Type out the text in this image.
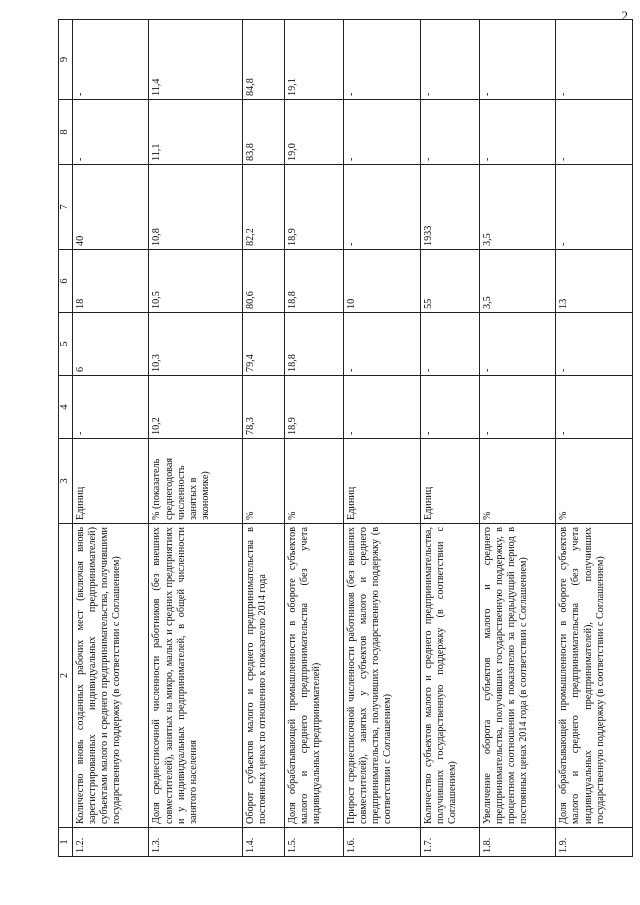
2
1	2	3	4	5	6	7	8	9
1.2.	Количество вновь созданных рабочих мест (включая вновь зарегистрированных индивидуальных предпринимателей) субъектами малого и среднего предпринимательства, получившими государственную поддержку (в соответствии с Соглашением)	Единиц	-	6	18	40	-	-
1.3.	Доля среднесписочной численности работников (без внешних совместителей), занятых на микро, малых и средних предприятиях и у индивидуальных предпринимателей, в общей численности занятого населения	% (показатель среднегодовая численность занятых в экономике)	10,2	10,3	10,5	10,8	11,1	11,4
1.4.	Оборот субъектов малого и среднего предпринимательства в постоянных ценах по отношению к показателю 2014 года	%	78,3	79,4	80,6	82,2	83,8	84,8
1.5.	Доля обрабатывающей промышленности в обороте субъектов малого и среднего предпринимательства (без учета индивидуальных предпринимателей)	%	18,9	18,8	18,8	18,9	19,0	19,1
1.6.	Прирост среднесписочной численности работников (без внешних совместителей), занятых у субъектов малого и среднего предпринимательства, получивших государственную поддержку (в соответствии с Соглашением)	Единиц	-	-	10	-	-	-
1.7.	Количество субъектов малого и среднего предпринимательства, получивших государственную поддержку (в соответствии с Соглашением)	Единиц	-	-	55	1933	-	-
1.8.	Увеличение оборота субъектов малого и среднего предпринимательства, получивших государственную поддержку, в процентном соотношении к показателю за предыдущий период в постоянных ценах 2014 года (в соответствии с Соглашением)	%	-	-	3,5	3,5	-	-
1.9.	Доля обрабатывающей промышленности в обороте субъектов малого и среднего предпринимательства (без учета индивидуальных предпринимателей), получивших государственную поддержку (в соответствии с Соглашением)	%	-	-	13	-	-	-
